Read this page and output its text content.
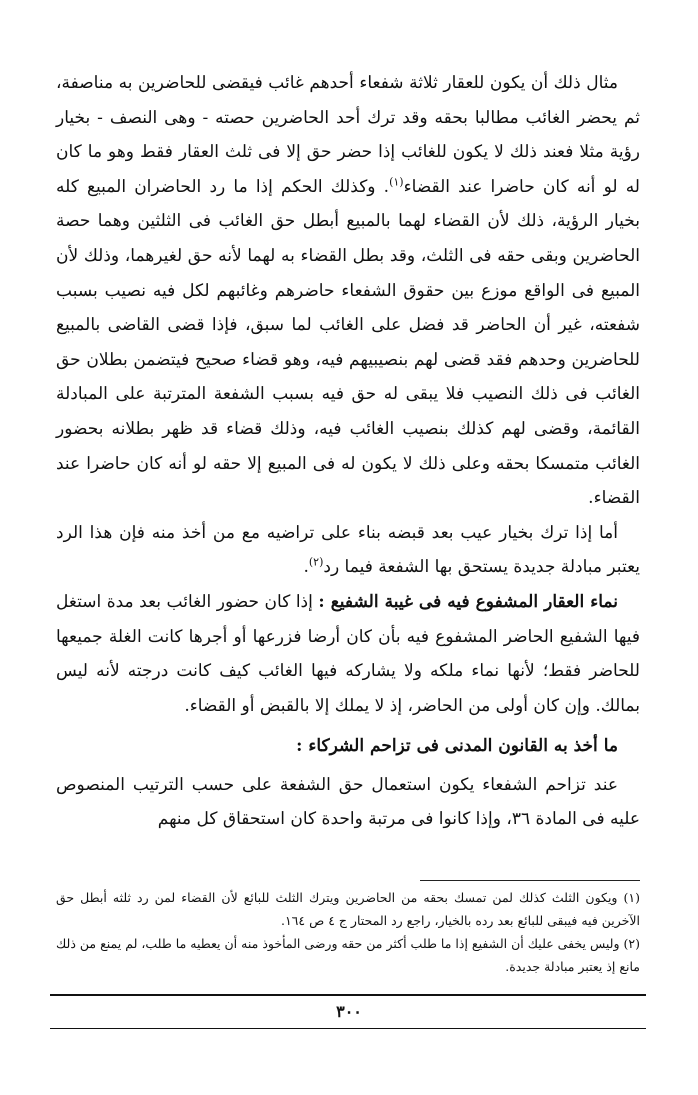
مثال ذلك أن يكون للعقار ثلاثة شفعاء أحدهم غائب فيقضى للحاضرين به مناصفة، ثم يحضر الغائب مطالبا بحقه وقد ترك أحد الحاضرين حصته - وهى النصف - بخيار رؤية مثلا فعند ذلك لا يكون للغائب إذا حضر حق إلا فى ثلث العقار فقط وهو ما كان له لو أنه كان حاضرا عند القضاء$^{(١)}$. وكذلك الحكم إذا ما رد الحاضران المبيع كله بخيار الرؤية، ذلك لأن القضاء لهما بالمبيع أبطل حق الغائب فى الثلثين وهما حصة الحاضرين وبقى حقه فى الثلث، وقد بطل القضاء به لهما لأنه حق لغيرهما، وذلك لأن المبيع فى الواقع موزع بين حقوق الشفعاء حاضرهم وغائبهم لكل فيه نصيب بسبب شفعته، غير أن الحاضر قد فضل على الغائب لما سبق، فإذا قضى القاضى بالمبيع للحاضرين وحدهم فقد قضى لهم بنصيبيهم فيه، وهو قضاء صحيح فيتضمن بطلان حق الغائب فى ذلك النصيب فلا يبقى له حق فيه بسبب الشفعة المترتبة على المبادلة القائمة، وقضى لهم كذلك بنصيب الغائب فيه، وذلك قضاء قد ظهر بطلانه بحضور الغائب متمسكا بحقه وعلى ذلك لا يكون له فى المبيع إلا حقه لو أنه كان حاضرا عند القضاء.

أما إذا ترك بخيار عيب بعد قبضه بناء على تراضيه مع من أخذ منه فإن هذا الرد يعتبر مبادلة جديدة يستحق بها الشفعة فيما رد$^{(٢)}$.

نماء العقار المشفوع فيه فى غيبة الشفيع : إذا كان حضور الغائب بعد مدة استغل فيها الشفيع الحاضر المشفوع فيه بأن كان أرضا فزرعها أو أجرها كانت الغلة جميعها للحاضر فقط؛ لأنها نماء ملكه ولا يشاركه فيها الغائب كيف كانت درجته لأنه ليس بمالك. وإن كان أولى من الحاضر، إذ لا يملك إلا بالقبض أو القضاء.

ما أخذ به القانون المدنى فى تزاحم الشركاء :

عند تزاحم الشفعاء يكون استعمال حق الشفعة على حسب الترتيب المنصوص عليه فى المادة ٣٦، وإذا كانوا فى مرتبة واحدة كان استحقاق كل منهم

(١) ويكون الثلث كذلك لمن تمسك بحقه من الحاضرين ويترك الثلث للبائع لأن القضاء لمن رد ثلثه أبطل حق الآخرين فيه فيبقى للبائع بعد رده بالخيار، راجع رد المحتار ج ٤ ص ١٦٤.

(٢) وليس يخفى عليك أن الشفيع إذا ما طلب أكثر من حقه ورضى المأخوذ منه أن يعطيه ما طلب، لم يمنع من ذلك مانع إذ يعتبر مبادلة جديدة.

٣٠٠
